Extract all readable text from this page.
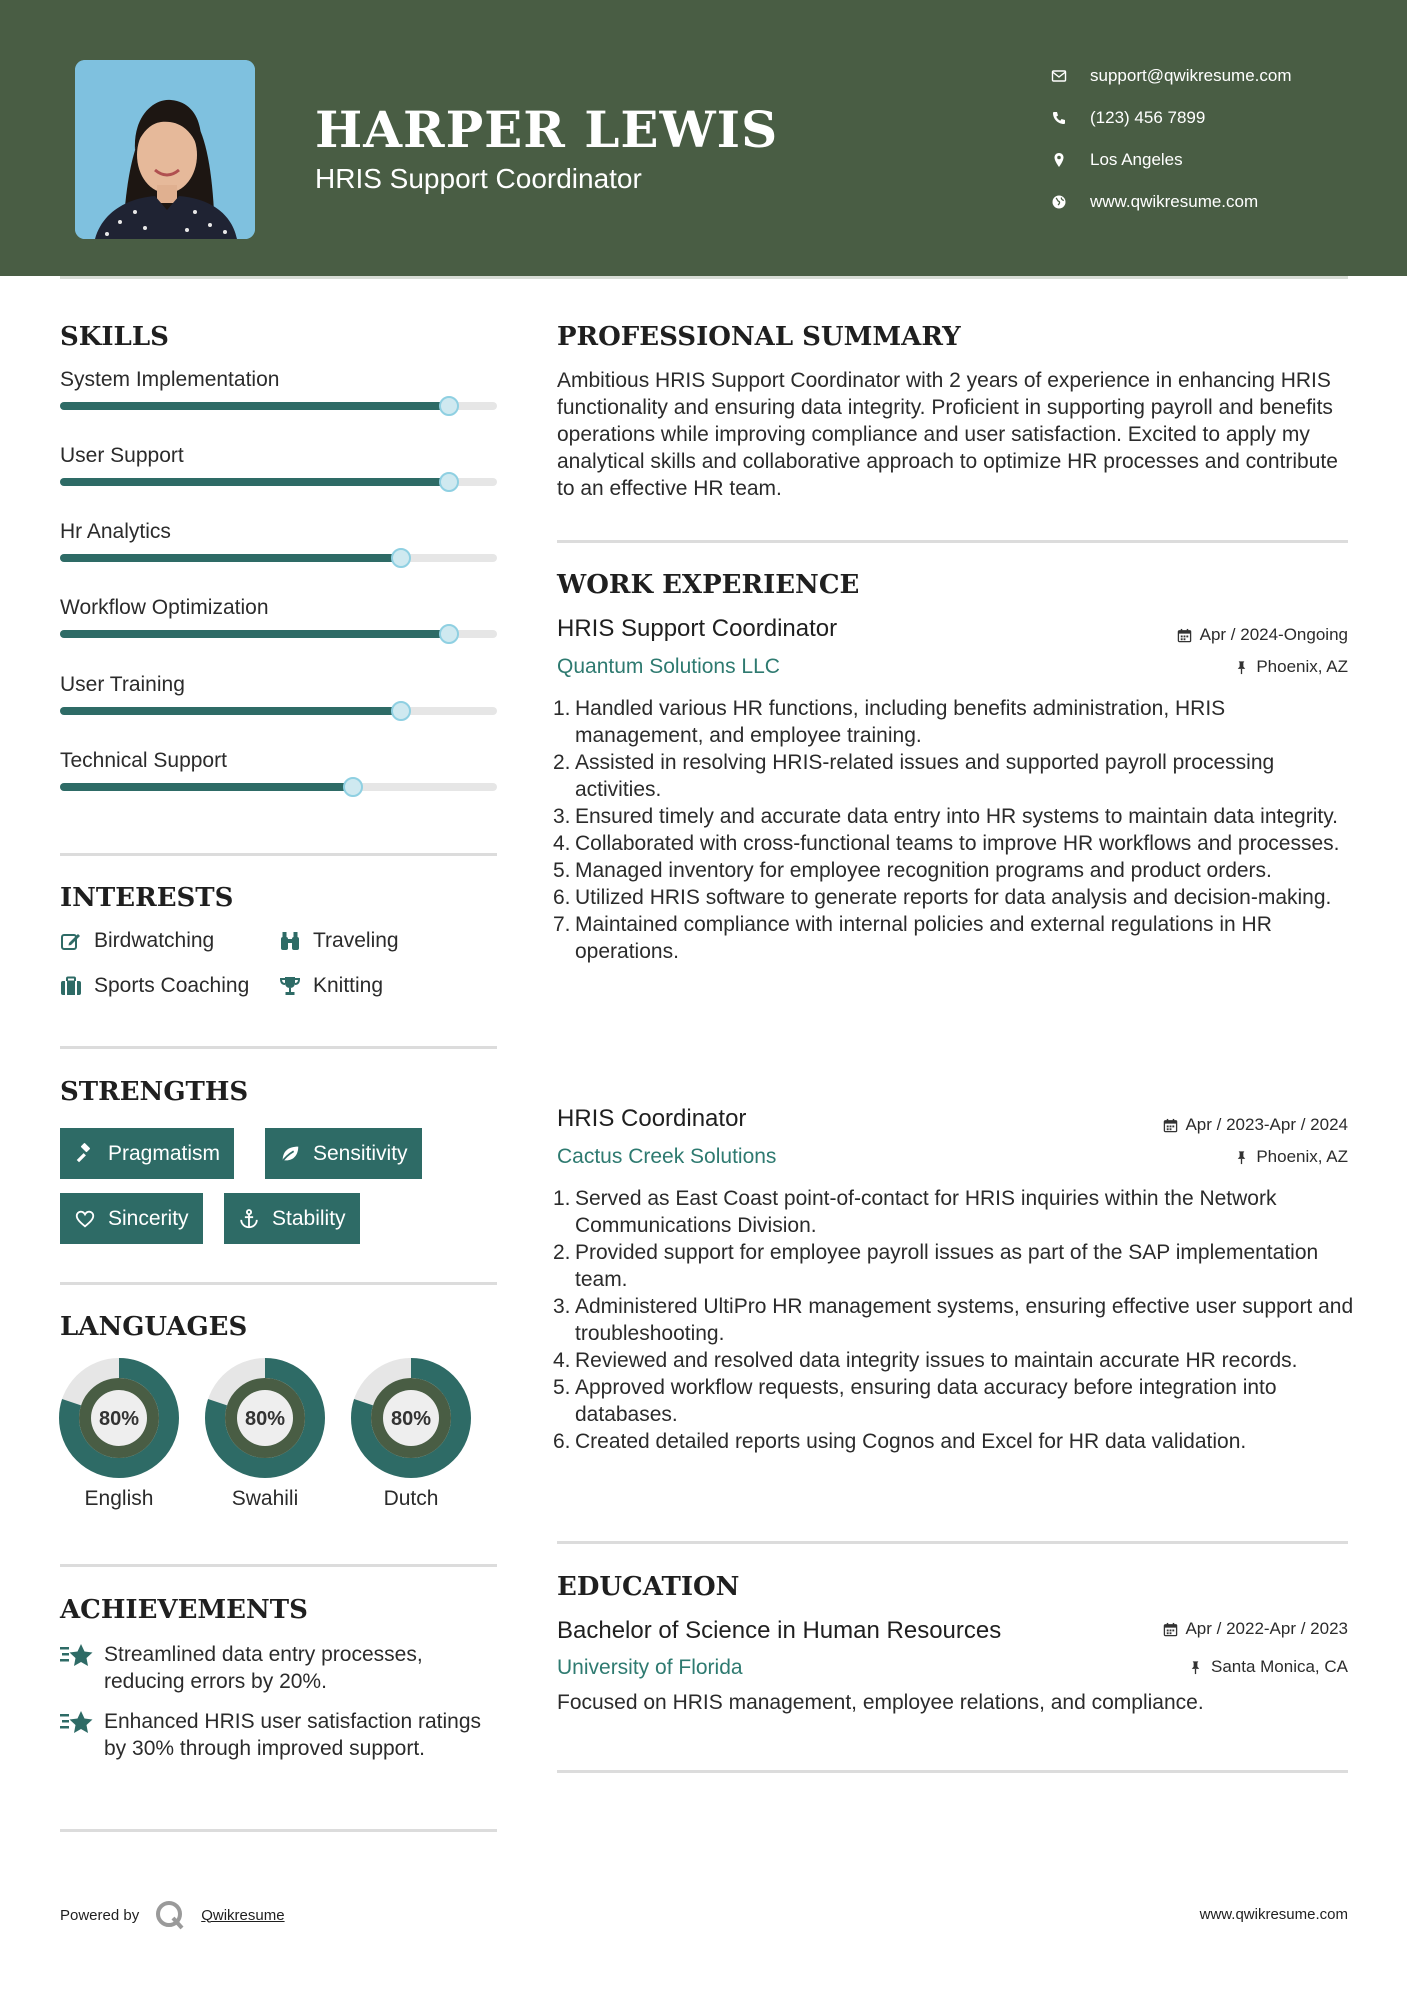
HARPER LEWIS
HRIS Support Coordinator
support@qwikresume.com
(123) 456 7899
Los Angeles
www.qwikresume.com
SKILLS
System Implementation
User Support
Hr Analytics
Workflow Optimization
User Training
Technical Support
INTERESTS
Birdwatching	Traveling
Sports Coaching	Knitting
STRENGTHS
Pragmatism	Sensitivity
Sincerity	Stability
LANGUAGES
80%
English
80%
Swahili
80%
Dutch
ACHIEVEMENTS
Streamlined data entry processes, reducing errors by 20%.
Enhanced HRIS user satisfaction ratings by 30% through improved support.
PROFESSIONAL SUMMARY
Ambitious HRIS Support Coordinator with 2 years of experience in enhancing HRIS functionality and ensuring data integrity. Proficient in supporting payroll and benefits operations while improving compliance and user satisfaction. Excited to apply my analytical skills and collaborative approach to optimize HR processes and contribute to an effective HR team.
WORK EXPERIENCE
HRIS Support Coordinator
Quantum Solutions LLC
Apr / 2024-Ongoing
Phoenix, AZ
1. Handled various HR functions, including benefits administration, HRIS management, and employee training.
2. Assisted in resolving HRIS-related issues and supported payroll processing activities.
3. Ensured timely and accurate data entry into HR systems to maintain data integrity.
4. Collaborated with cross-functional teams to improve HR workflows and processes.
5. Managed inventory for employee recognition programs and product orders.
6. Utilized HRIS software to generate reports for data analysis and decision-making.
7. Maintained compliance with internal policies and external regulations in HR operations.
HRIS Coordinator
Cactus Creek Solutions
Apr / 2023-Apr / 2024
Phoenix, AZ
1. Served as East Coast point-of-contact for HRIS inquiries within the Network Communications Division.
2. Provided support for employee payroll issues as part of the SAP implementation team.
3. Administered UltiPro HR management systems, ensuring effective user support and troubleshooting.
4. Reviewed and resolved data integrity issues to maintain accurate HR records.
5. Approved workflow requests, ensuring data accuracy before integration into databases.
6. Created detailed reports using Cognos and Excel for HR data validation.
EDUCATION
Bachelor of Science in Human Resources
University of Florida
Apr / 2022-Apr / 2023
Santa Monica, CA
Focused on HRIS management, employee relations, and compliance.
Powered by	Qwikresume	www.qwikresume.com
